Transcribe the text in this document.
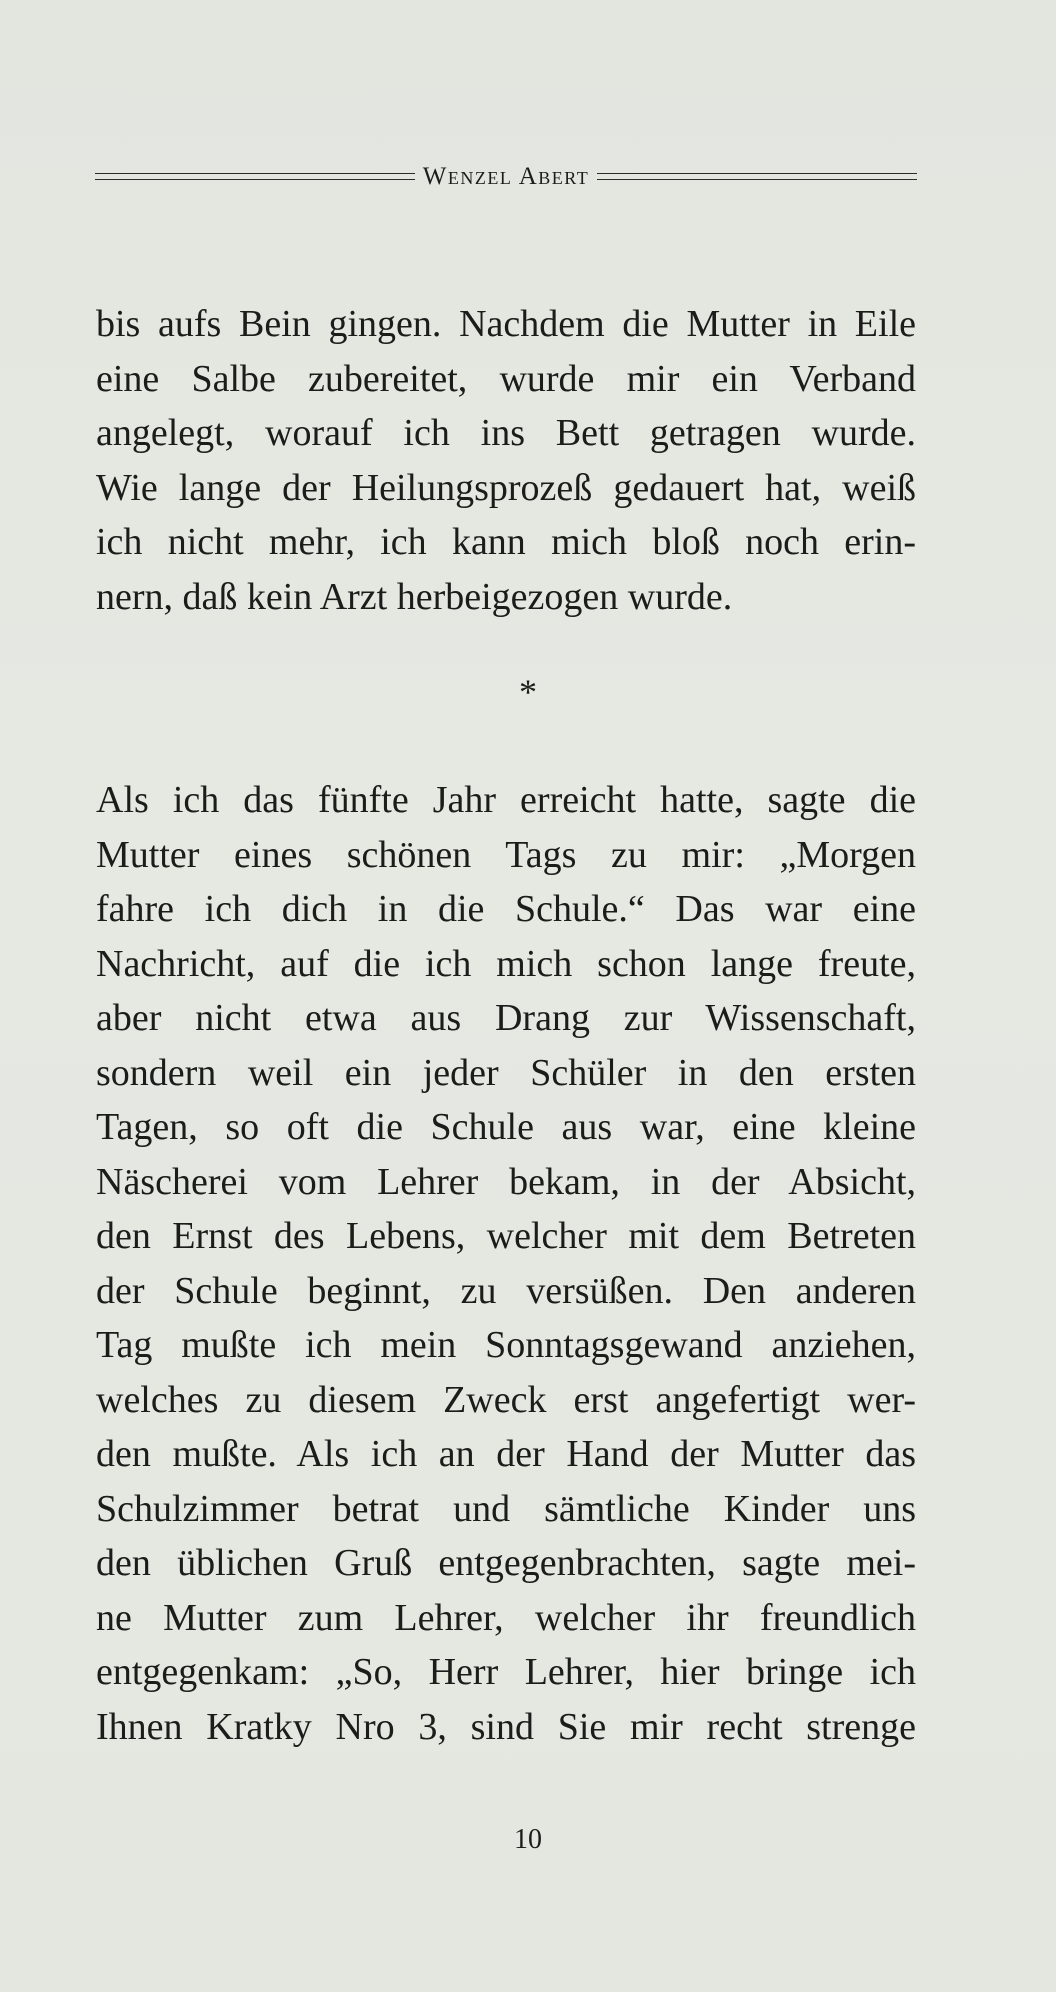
Wenzel Abert
bis aufs Bein gingen. Nachdem die Mutter in Eile
eine Salbe zubereitet, wurde mir ein Verband
angelegt, worauf ich ins Bett getragen wurde.
Wie lange der Heilungsprozeß gedauert hat, weiß
ich nicht mehr, ich kann mich bloß noch erin-
nern, daß kein Arzt herbeigezogen wurde.
*
Als ich das fünfte Jahr erreicht hatte, sagte die
Mutter eines schönen Tags zu mir: „Morgen
fahre ich dich in die Schule.“ Das war eine
Nachricht, auf die ich mich schon lange freute,
aber nicht etwa aus Drang zur Wissenschaft,
sondern weil ein jeder Schüler in den ersten
Tagen, so oft die Schule aus war, eine kleine
Näscherei vom Lehrer bekam, in der Absicht,
den Ernst des Lebens, welcher mit dem Betreten
der Schule beginnt, zu versüßen. Den anderen
Tag mußte ich mein Sonntagsgewand anziehen,
welches zu diesem Zweck erst angefertigt wer-
den mußte. Als ich an der Hand der Mutter das
Schulzimmer betrat und sämtliche Kinder uns
den üblichen Gruß entgegenbrachten, sagte mei-
ne Mutter zum Lehrer, welcher ihr freundlich
entgegenkam: „So, Herr Lehrer, hier bringe ich
Ihnen Kratky Nro 3, sind Sie mir recht strenge
10
